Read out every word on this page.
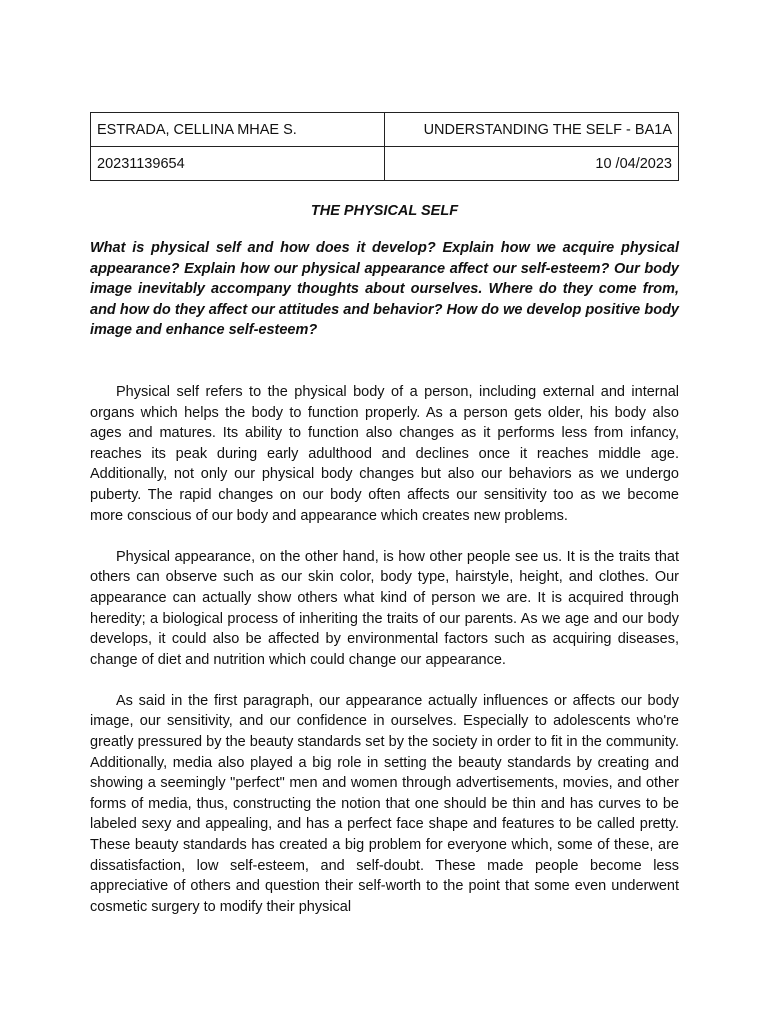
ESTRADA, CELLINA MHAE S.	UNDERSTANDING THE SELF - BA1A
20231139654	10 /04/2023
THE PHYSICAL SELF
What is physical self and how does it develop? Explain how we acquire physical appearance? Explain how our physical appearance affect our self-esteem? Our body image inevitably accompany thoughts about ourselves. Where do they come from, and how do they affect our attitudes and behavior? How do we develop positive body image and enhance self-esteem?

Physical self refers to the physical body of a person, including external and internal organs which helps the body to function properly. As a person gets older, his body also ages and matures. Its ability to function also changes as it performs less from infancy, reaches its peak during early adulthood and declines once it reaches middle age. Additionally, not only our physical body changes but also our behaviors as we undergo puberty. The rapid changes on our body often affects our sensitivity too as we become more conscious of our body and appearance which creates new problems.

Physical appearance, on the other hand, is how other people see us. It is the traits that others can observe such as our skin color, body type, hairstyle, height, and clothes. Our appearance can actually show others what kind of person we are. It is acquired through heredity; a biological process of inheriting the traits of our parents. As we age and our body develops, it could also be affected by environmental factors such as acquiring diseases, change of diet and nutrition which could change our appearance.

As said in the first paragraph, our appearance actually influences or affects our body image, our sensitivity, and our confidence in ourselves. Especially to adolescents who're greatly pressured by the beauty standards set by the society in order to fit in the community. Additionally, media also played a big role in setting the beauty standards by creating and showing a seemingly "perfect" men and women through advertisements, movies, and other forms of media, thus, constructing the notion that one should be thin and has curves to be labeled sexy and appealing, and has a perfect face shape and features to be called pretty. These beauty standards has created a big problem for everyone which, some of these, are dissatisfaction, low self-esteem, and self-doubt. These made people become less appreciative of others and question their self-worth to the point that some even underwent cosmetic surgery to modify their physical
